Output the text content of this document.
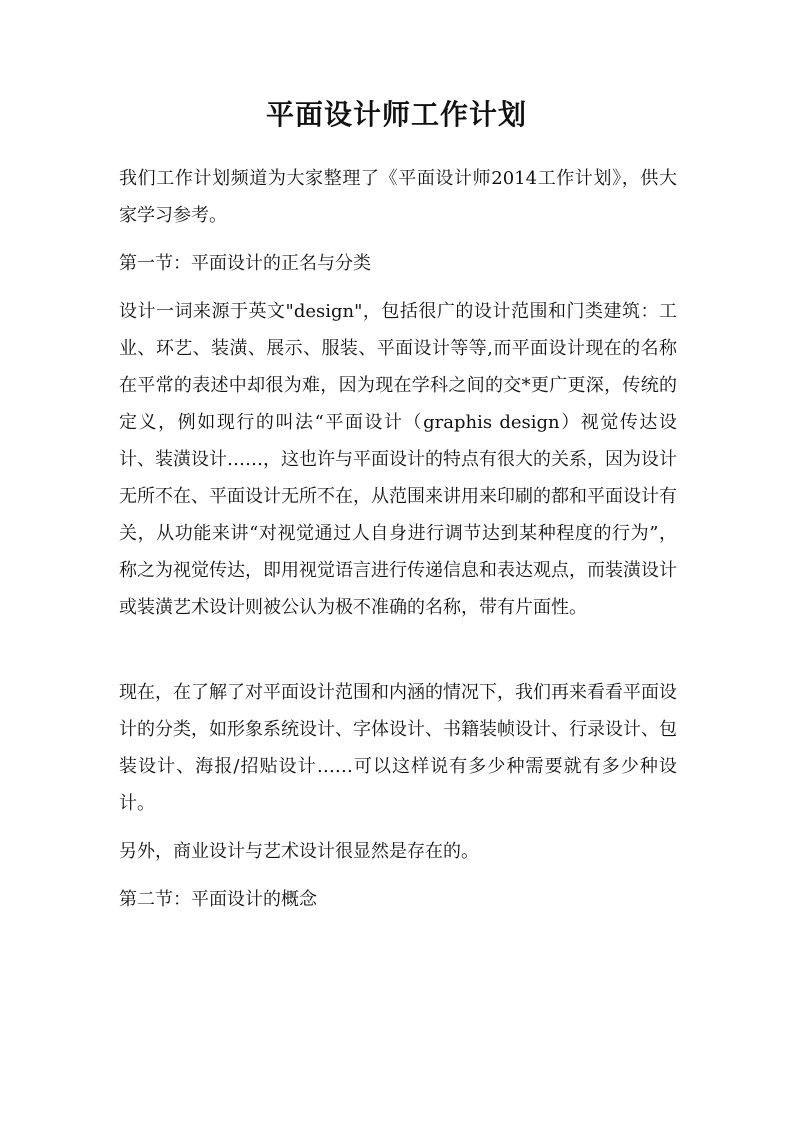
平面设计师工作计划

我们工作计划频道为大家整理了《平面设计师2014工作计划》，供大家学习参考。

第一节：平面设计的正名与分类

设计一词来源于英文"design"，包括很广的设计范围和门类建筑：工业、环艺、装潢、展示、服装、平面设计等等,而平面设计现在的名称在平常的表述中却很为难，因为现在学科之间的交*更广更深，传统的定义，例如现行的叫法“平面设计（graphis design）视觉传达设计、装潢设计……，这也许与平面设计的特点有很大的关系，因为设计无所不在、平面设计无所不在，从范围来讲用来印刷的都和平面设计有关，从功能来讲“对视觉通过人自身进行调节达到某种程度的行为”，称之为视觉传达，即用视觉语言进行传递信息和表达观点，而装潢设计或装潢艺术设计则被公认为极不准确的名称，带有片面性。

现在，在了解了对平面设计范围和内涵的情况下，我们再来看看平面设计的分类，如形象系统设计、字体设计、书籍装帧设计、行录设计、包装设计、海报/招贴设计……可以这样说有多少种需要就有多少种设计。

另外，商业设计与艺术设计很显然是存在的。

第二节：平面设计的概念
